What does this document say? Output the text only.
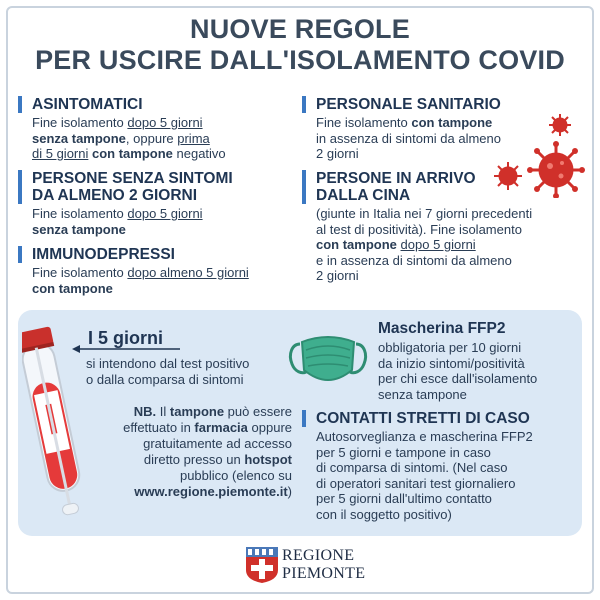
NUOVE REGOLE
PER USCIRE DALL'ISOLAMENTO COVID
ASINTOMATICI
Fine isolamento dopo 5 giorni
senza tampone, oppure prima
di 5 giorni con tampone negativo
PERSONE SENZA SINTOMI
DA ALMENO 2 GIORNI
Fine isolamento dopo 5 giorni
senza tampone
IMMUNODEPRESSI
Fine isolamento dopo almeno 5 giorni
con tampone
PERSONALE SANITARIO
Fine isolamento con tampone
in assenza di sintomi da almeno
2 giorni
PERSONE IN ARRIVO
DALLA CINA
(giunte in Italia nei 7 giorni precedenti
al test di positività). Fine isolamento
con tampone dopo 5 giorni
e in assenza di sintomi da almeno
2 giorni
I 5 giorni
si intendono dal test positivo
o dalla comparsa di sintomi
NB. Il tampone può essere
effettuato in farmacia oppure
gratuitamente ad accesso
diretto presso un hotspot
pubblico (elenco su
www.regione.piemonte.it)
Mascherina FFP2
obbligatoria per 10 giorni
da inizio sintomi/positività
per chi esce dall'isolamento
senza tampone
CONTATTI STRETTI DI CASO
Autosorveglianza e mascherina FFP2
per 5 giorni e tampone in caso
di comparsa di sintomi. (Nel caso
di operatori sanitari test giornaliero
per 5 giorni dall'ultimo contatto
con il soggetto positivo)
REGIONE
PIEMONTE
